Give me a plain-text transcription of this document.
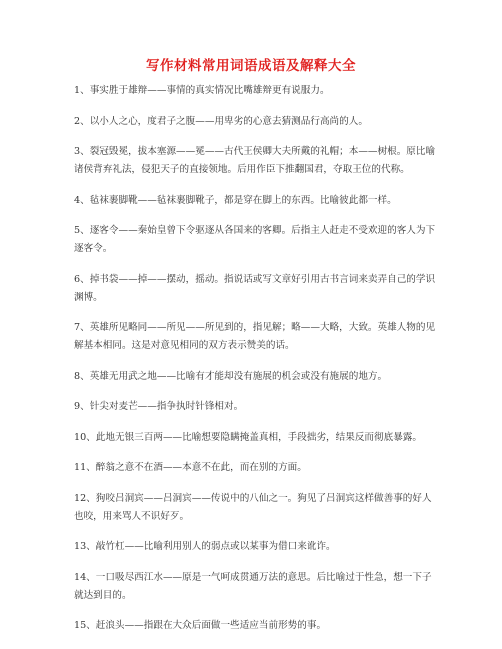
写作材料常用词语成语及解释大全
1、事实胜于雄辩——事情的真实情况比嘴雄辩更有说服力。
2、以小人之心，度君子之腹——用卑劣的心意去猜测品行高尚的人。
3、裂冠毁冕，拔本塞源——冕——古代王侯卿大夫所戴的礼帽；本——树根。原比喻诸侯背弃礼法，侵犯天子的直接领地。后用作臣下推翻国君，夺取王位的代称。
4、毡袜裹脚靴——毡袜裹脚靴子，都是穿在脚上的东西。比喻彼此都一样。
5、逐客令——秦始皇曾下令驱逐从各国来的客卿。后指主人赶走不受欢迎的客人为下逐客令。
6、掉书袋——掉——摆动，摇动。指说话或写文章好引用古书言词来卖弄自己的学识渊博。
7、英雄所见略同——所见——所见到的，指见解；略——大略，大致。英雄人物的见解基本相同。这是对意见相同的双方表示赞美的话。
8、英雄无用武之地——比喻有才能却没有施展的机会或没有施展的地方。
9、针尖对麦芒——指争执时针锋相对。
10、此地无银三百两——比喻想要隐瞒掩盖真相，手段拙劣，结果反而彻底暴露。
11、醉翁之意不在酒——本意不在此，而在别的方面。
12、狗咬吕洞宾——吕洞宾——传说中的八仙之一。狗见了吕洞宾这样做善事的好人也咬，用来骂人不识好歹。
13、敲竹杠——比喻利用别人的弱点或以某事为借口来讹诈。
14、一口吸尽西江水——原是一气呵成贯通万法的意思。后比喻过于性急，想一下子就达到目的。
15、赶浪头——指跟在大众后面做一些适应当前形势的事。
